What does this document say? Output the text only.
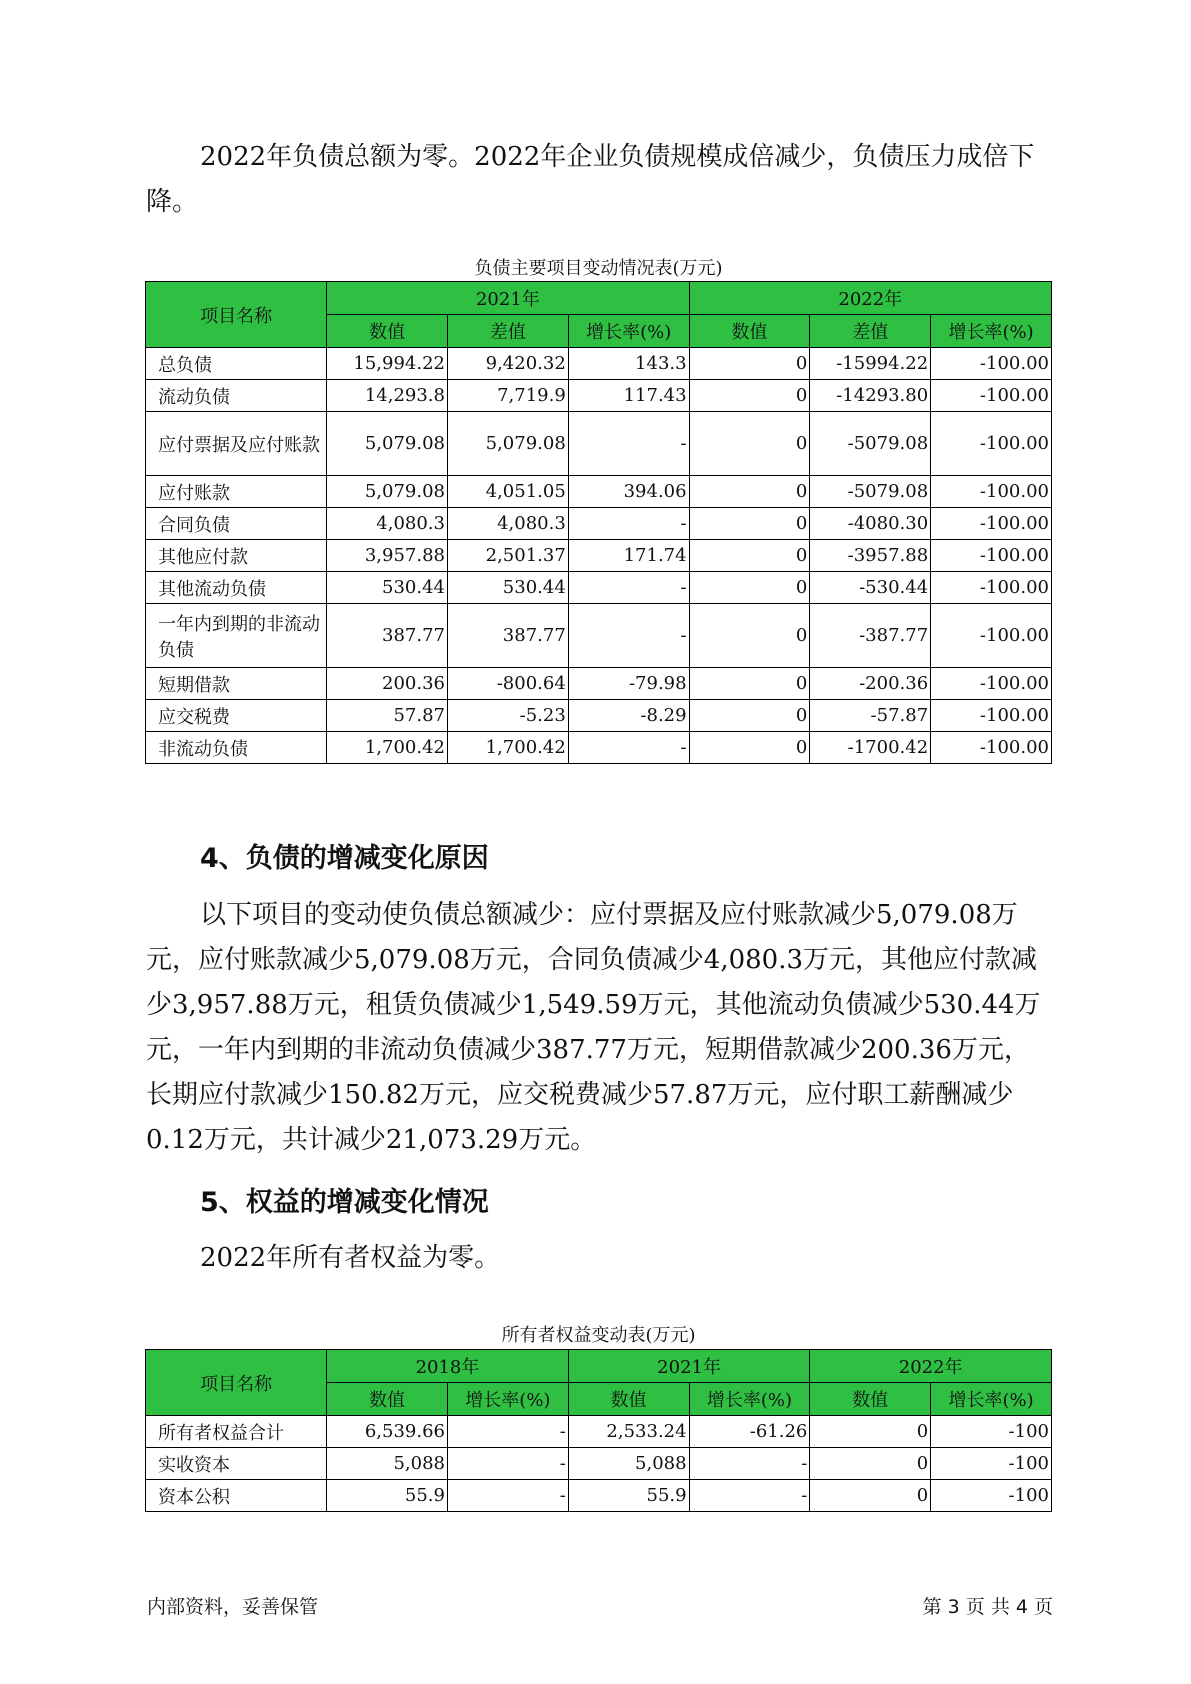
2022年负债总额为零。2022年企业负债规模成倍减少，负债压力成倍下降。

负债主要项目变动情况表(万元)

项目名称	2021年			2022年		
	数值	差值	增长率(%)	数值	差值	增长率(%)
总负债	15,994.22	9,420.32	143.3	0	-15994.22	-100.00
流动负债	14,293.8	7,719.9	117.43	0	-14293.80	-100.00
应付票据及应付账款	5,079.08	5,079.08	-	0	-5079.08	-100.00
应付账款	5,079.08	4,051.05	394.06	0	-5079.08	-100.00
合同负债	4,080.3	4,080.3	-	0	-4080.30	-100.00
其他应付款	3,957.88	2,501.37	171.74	0	-3957.88	-100.00
其他流动负债	530.44	530.44	-	0	-530.44	-100.00
一年内到期的非流动负债	387.77	387.77	-	0	-387.77	-100.00
短期借款	200.36	-800.64	-79.98	0	-200.36	-100.00
应交税费	57.87	-5.23	-8.29	0	-57.87	-100.00
非流动负债	1,700.42	1,700.42	-	0	-1700.42	-100.00
4、负债的增减变化原因

以下项目的变动使负债总额减少：应付票据及应付账款减少5,079.08万元，应付账款减少5,079.08万元，合同负债减少4,080.3万元，其他应付款减少3,957.88万元，租赁负债减少1,549.59万元，其他流动负债减少530.44万元，一年内到期的非流动负债减少387.77万元，短期借款减少200.36万元，长期应付款减少150.82万元，应交税费减少57.87万元，应付职工薪酬减少0.12万元，共计减少21,073.29万元。

5、权益的增减变化情况

2022年所有者权益为零。

所有者权益变动表(万元)

项目名称	2018年		2021年		2022年	
	数值	增长率(%)	数值	增长率(%)	数值	增长率(%)
所有者权益合计	6,539.66	-	2,533.24	-61.26	0	-100
实收资本	5,088	-	5,088	-	0	-100
资本公积	55.9	-	55.9	-	0	-100
内部资料，妥善保管	第 3 页 共 4 页
